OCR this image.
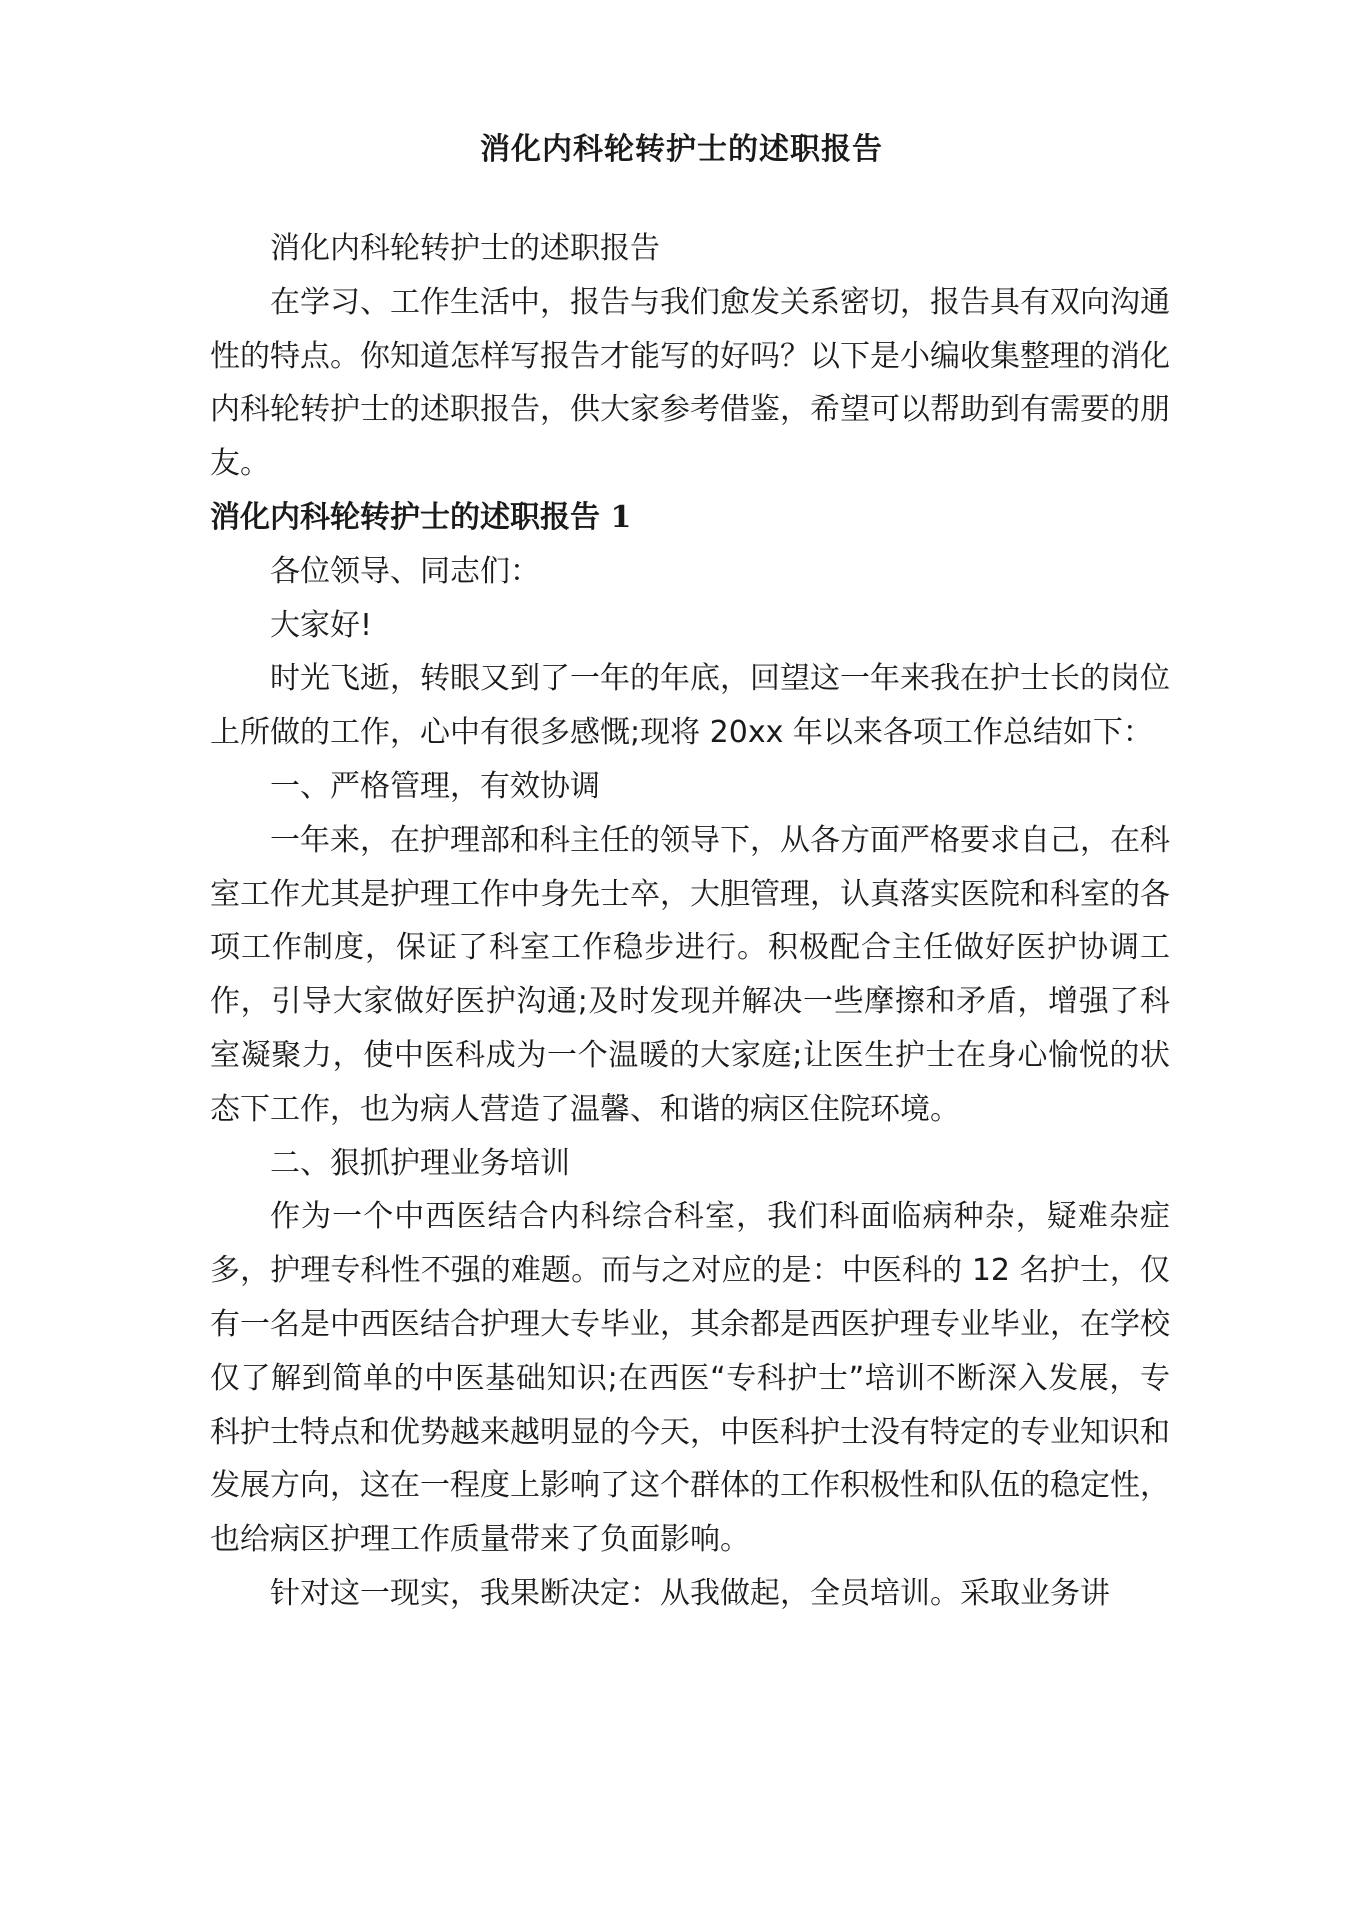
消化内科轮转护士的述职报告

消化内科轮转护士的述职报告

在学习、工作生活中，报告与我们愈发关系密切，报告具有双向沟通性的特点。你知道怎样写报告才能写的好吗？以下是小编收集整理的消化内科轮转护士的述职报告，供大家参考借鉴，希望可以帮助到有需要的朋友。

消化内科轮转护士的述职报告 1

各位领导、同志们：

大家好!

时光飞逝，转眼又到了一年的年底，回望这一年来我在护士长的岗位上所做的工作，心中有很多感慨;现将 20xx 年以来各项工作总结如下：

一、严格管理，有效协调

一年来，在护理部和科主任的领导下，从各方面严格要求自己，在科室工作尤其是护理工作中身先士卒，大胆管理，认真落实医院和科室的各项工作制度，保证了科室工作稳步进行。积极配合主任做好医护协调工作，引导大家做好医护沟通;及时发现并解决一些摩擦和矛盾，增强了科室凝聚力，使中医科成为一个温暖的大家庭;让医生护士在身心愉悦的状态下工作，也为病人营造了温馨、和谐的病区住院环境。

二、狠抓护理业务培训

作为一个中西医结合内科综合科室，我们科面临病种杂，疑难杂症多，护理专科性不强的难题。而与之对应的是：中医科的 12 名护士，仅有一名是中西医结合护理大专毕业，其余都是西医护理专业毕业，在学校仅了解到简单的中医基础知识;在西医“专科护士”培训不断深入发展，专科护士特点和优势越来越明显的今天，中医科护士没有特定的专业知识和发展方向，这在一程度上影响了这个群体的工作积极性和队伍的稳定性，也给病区护理工作质量带来了负面影响。

针对这一现实，我果断决定：从我做起，全员培训。采取业务讲
